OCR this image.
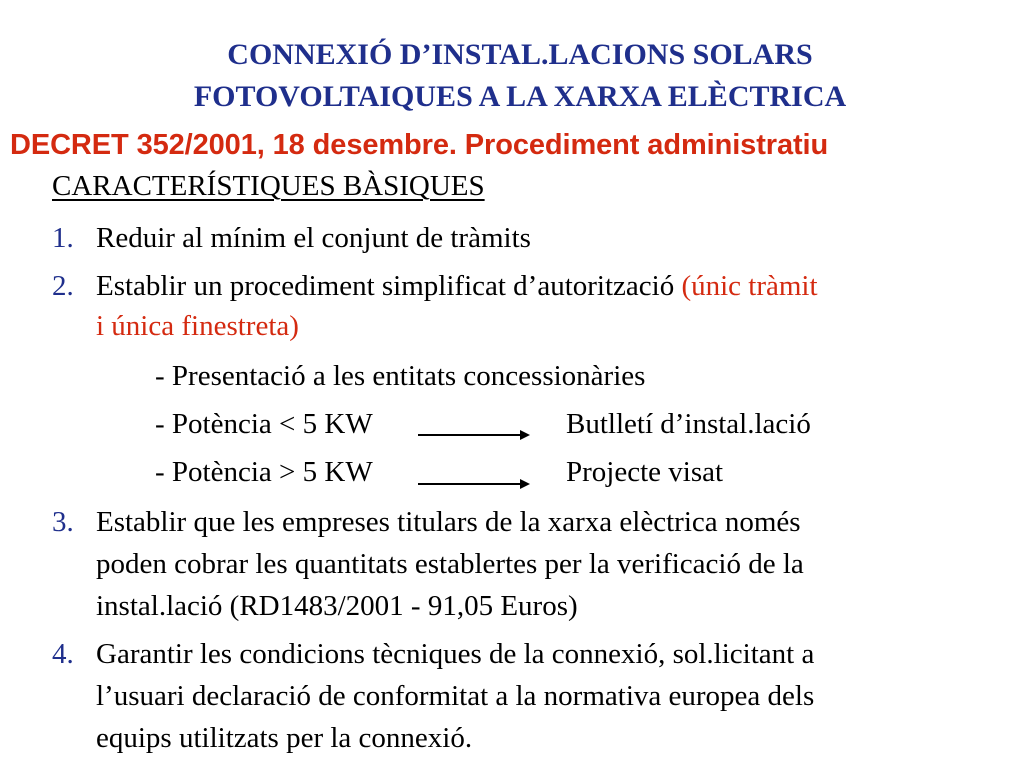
CONNEXIÓ D’INSTAL.LACIONS SOLARS
FOTOVOLTAIQUES A LA XARXA ELÈCTRICA
DECRET 352/2001, 18 desembre. Procediment administratiu
CARACTERÍSTIQUES BÀSIQUES
1. Reduir al mínim el conjunt de tràmits
2. Establir un procediment simplificat d’autorització (únic tràmit
i única finestreta)
- Presentació a les entitats concessionàries
- Potència < 5 KW	Butlletí d’instal.lació
- Potència > 5 KW	Projecte visat
3. Establir que les empreses titulars de la xarxa elèctrica només
poden cobrar les quantitats establertes per la verificació de la
instal.lació (RD1483/2001 - 91,05 Euros)
4. Garantir les condicions tècniques de la connexió, sol.licitant a
l’usuari declaració de conformitat a la normativa europea dels
equips utilitzats per la connexió.
